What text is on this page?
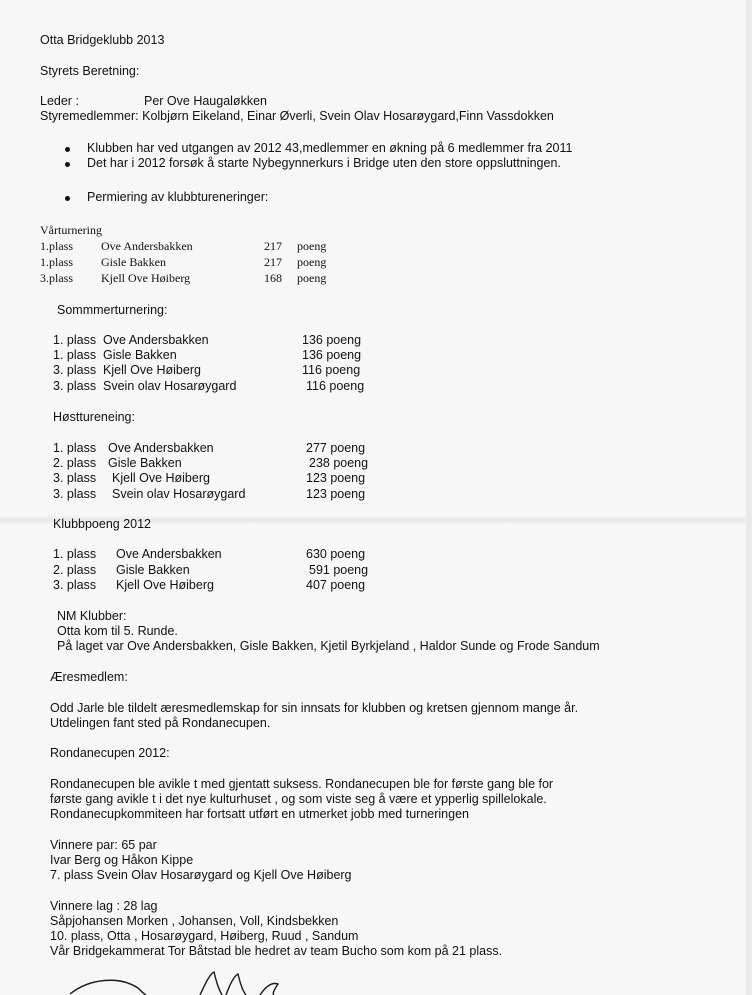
Otta Bridgeklubb 2013
Styrets Beretning:
Leder :	Per Ove Haugaløkken
Styremedlemmer: Kolbjørn Eikeland, Einar Øverli, Svein Olav Hosarøygard,Finn Vassdokken
Klubben har ved utgangen av 2012 43,medlemmer en økning på 6 medlemmer fra 2011
Det har i 2012 forsøk å starte Nybegynnerkurs i Bridge uten den store oppsluttningen.
Permiering av klubbtureneringer:
Vårturnering
1.plass Ove Andersbakken	217 poeng
1.plass Gisle Bakken	217 poeng
3.plass Kjell Ove Høiberg	168 poeng
Sommmerturnering:
1. plass Ove Andersbakken	136 poeng
1. plass Gisle Bakken	136 poeng
3. plass Kjell Ove Høiberg	116 poeng
3. plass Svein olav Hosarøygard	116 poeng
Høsttureneing:
1. plass Ove Andersbakken	277 poeng
2. plass Gisle Bakken	238 poeng
3. plass Kjell Ove Høiberg	123 poeng
3. plass Svein olav Hosarøygard	123 poeng
Klubbpoeng 2012
1. plass Ove Andersbakken	630 poeng
2. plass Gisle Bakken	591 poeng
3. plass Kjell Ove Høiberg	407 poeng
NM Klubber:
Otta kom til 5. Runde.
På laget var Ove Andersbakken, Gisle Bakken, Kjetil Byrkjeland , Haldor Sunde og Frode Sandum
Æresmedlem:
Odd Jarle ble tildelt æresmedlemskap for sin innsats for klubben og kretsen gjennom mange år.
Utdelingen fant sted på Rondanecupen.
Rondanecupen 2012:
Rondanecupen ble avikle t med gjentatt suksess. Rondanecupen ble for første gang ble for
første gang avikle t i det nye kulturhuset , og som viste seg å være et ypperlig spillelokale.
Rondanecupkommiteen har fortsatt utført en utmerket jobb med turneringen
Vinnere par: 65 par
Ivar Berg og Håkon Kippe
7. plass Svein Olav Hosarøygard og Kjell Ove Høiberg
Vinnere lag : 28 lag
Såpjohansen Morken , Johansen, Voll, Kindsbekken
10. plass, Otta , Hosarøygard, Høiberg, Ruud , Sandum
Vår Bridgekammerat Tor Båtstad ble hedret av team Bucho som kom på 21 plass.
